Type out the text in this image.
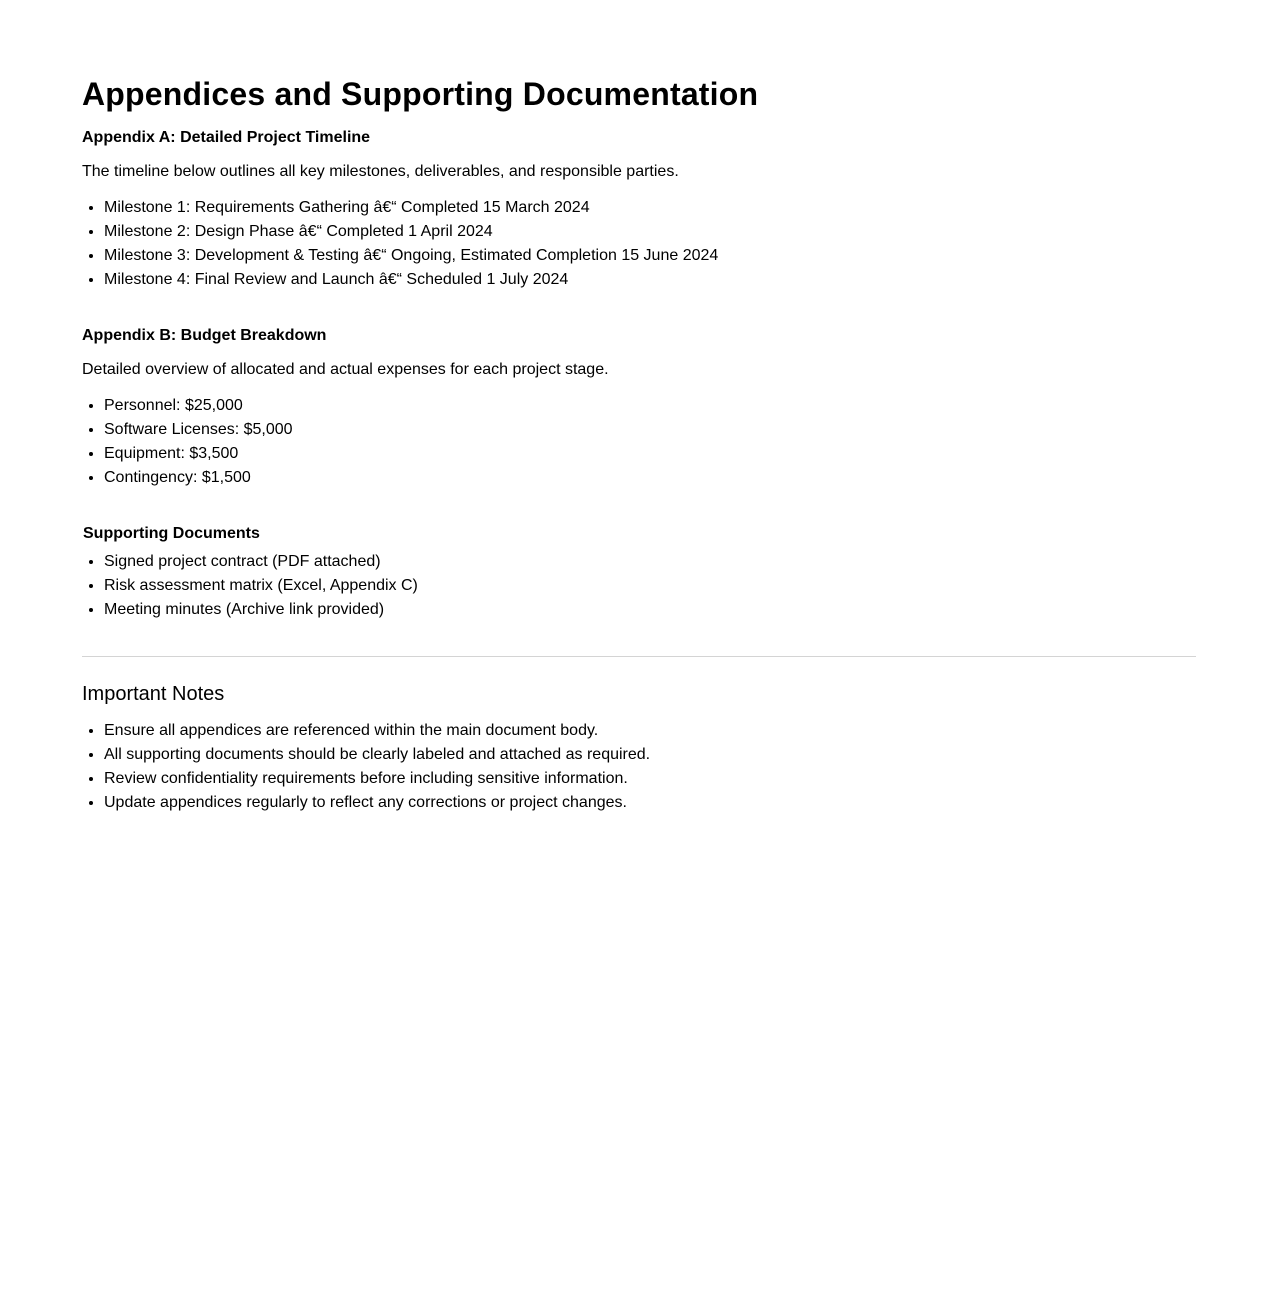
Appendices and Supporting Documentation
Appendix A: Detailed Project Timeline

The timeline below outlines all key milestones, deliverables, and responsible parties.

• Milestone 1: Requirements Gathering â€“ Completed 15 March 2024
• Milestone 2: Design Phase â€“ Completed 1 April 2024
• Milestone 3: Development & Testing â€“ Ongoing, Estimated Completion 15 June 2024
• Milestone 4: Final Review and Launch â€“ Scheduled 1 July 2024
Appendix B: Budget Breakdown

Detailed overview of allocated and actual expenses for each project stage.

• Personnel: $25,000
• Software Licenses: $5,000
• Equipment: $3,500
• Contingency: $1,500
Supporting Documents
• Signed project contract (PDF attached)
• Risk assessment matrix (Excel, Appendix C)
• Meeting minutes (Archive link provided)
Important Notes
• Ensure all appendices are referenced within the main document body.
• All supporting documents should be clearly labeled and attached as required.
• Review confidentiality requirements before including sensitive information.
• Update appendices regularly to reflect any corrections or project changes.
